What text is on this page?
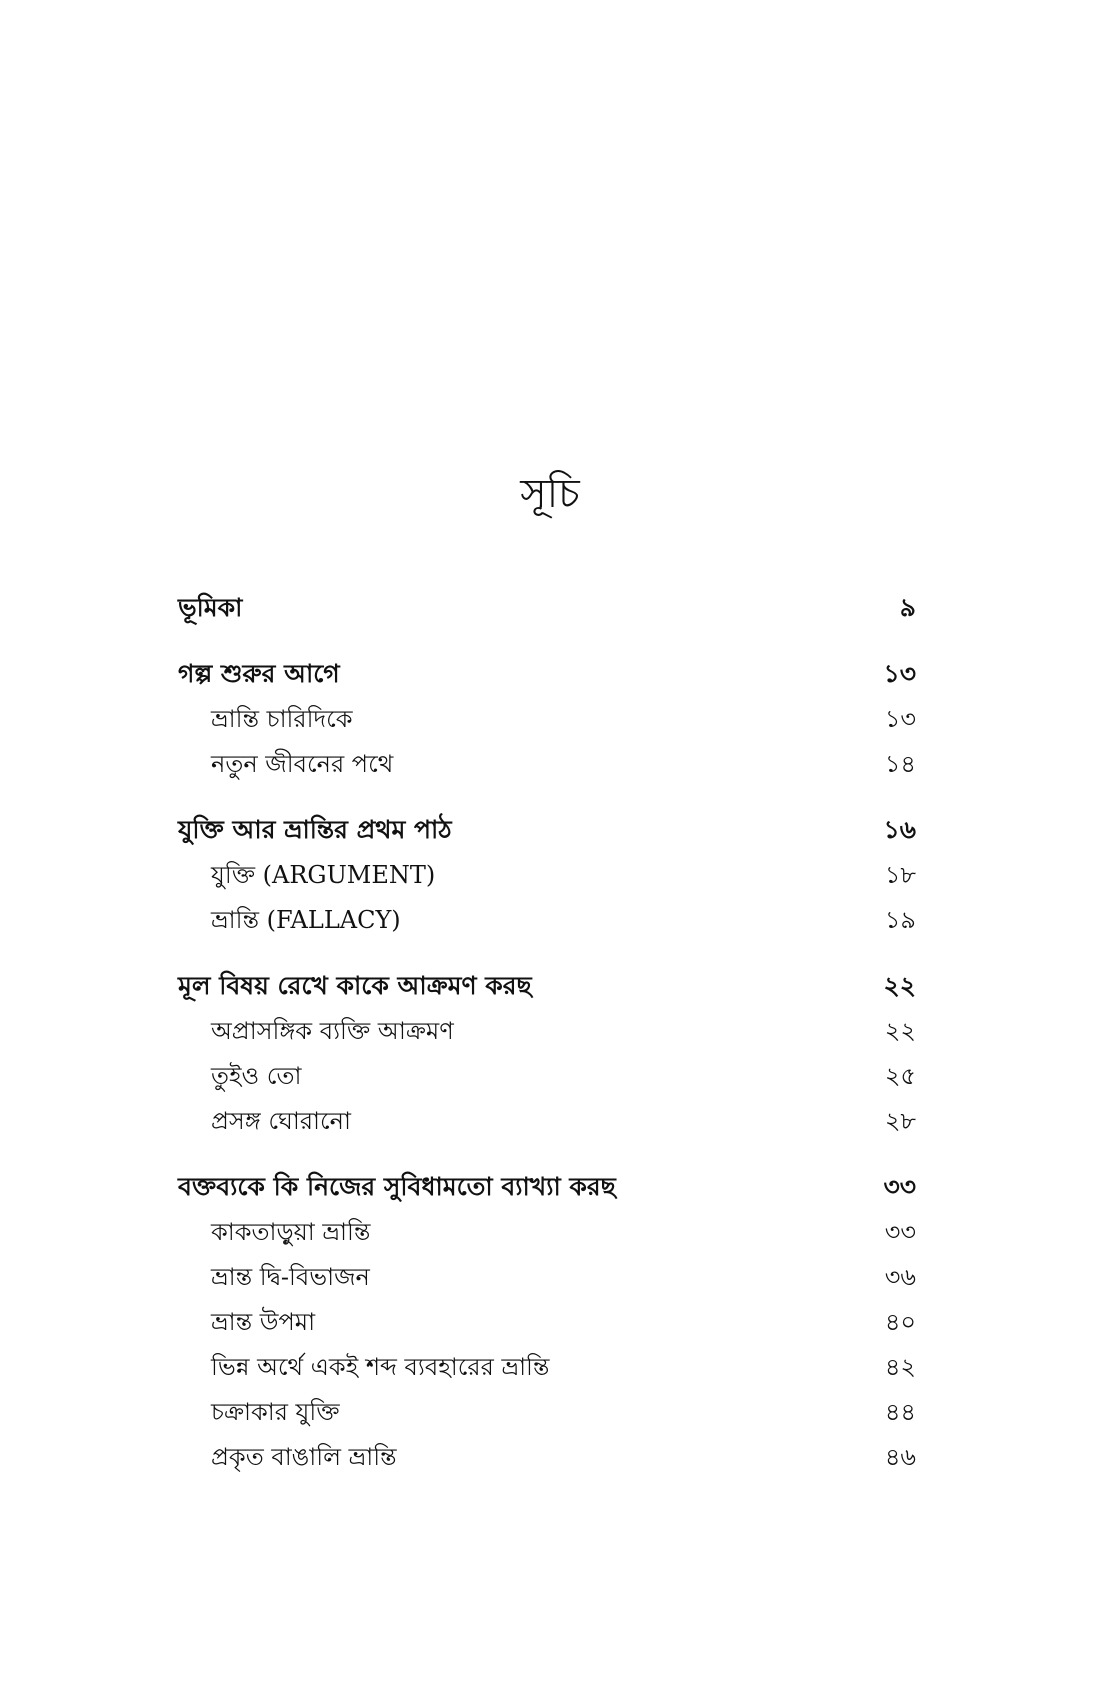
সূচি
ভূমিকা	৯
গল্প শুরুর আগে	১৩
ভ্রান্তি চারিদিকে	১৩
নতুন জীবনের পথে	১৪
যুক্তি আর ভ্রান্তির প্রথম পাঠ	১৬
যুক্তি (ARGUMENT)	১৮
ভ্রান্তি (FALLACY)	১৯
মূল বিষয় রেখে কাকে আক্রমণ করছ	২২
অপ্রাসঙ্গিক ব্যক্তি আক্রমণ	২২
তুইও তো	২৫
প্রসঙ্গ ঘোরানো	২৮
বক্তব্যকে কি নিজের সুবিধামতো ব্যাখ্যা করছ	৩৩
কাকতাড়ুয়া ভ্রান্তি	৩৩
ভ্রান্ত দ্বি-বিভাজন	৩৬
ভ্রান্ত উপমা	৪০
ভিন্ন অর্থে একই শব্দ ব্যবহারের ভ্রান্তি	৪২
চক্রাকার যুক্তি	৪৪
প্রকৃত বাঙালি ভ্রান্তি	৪৬
